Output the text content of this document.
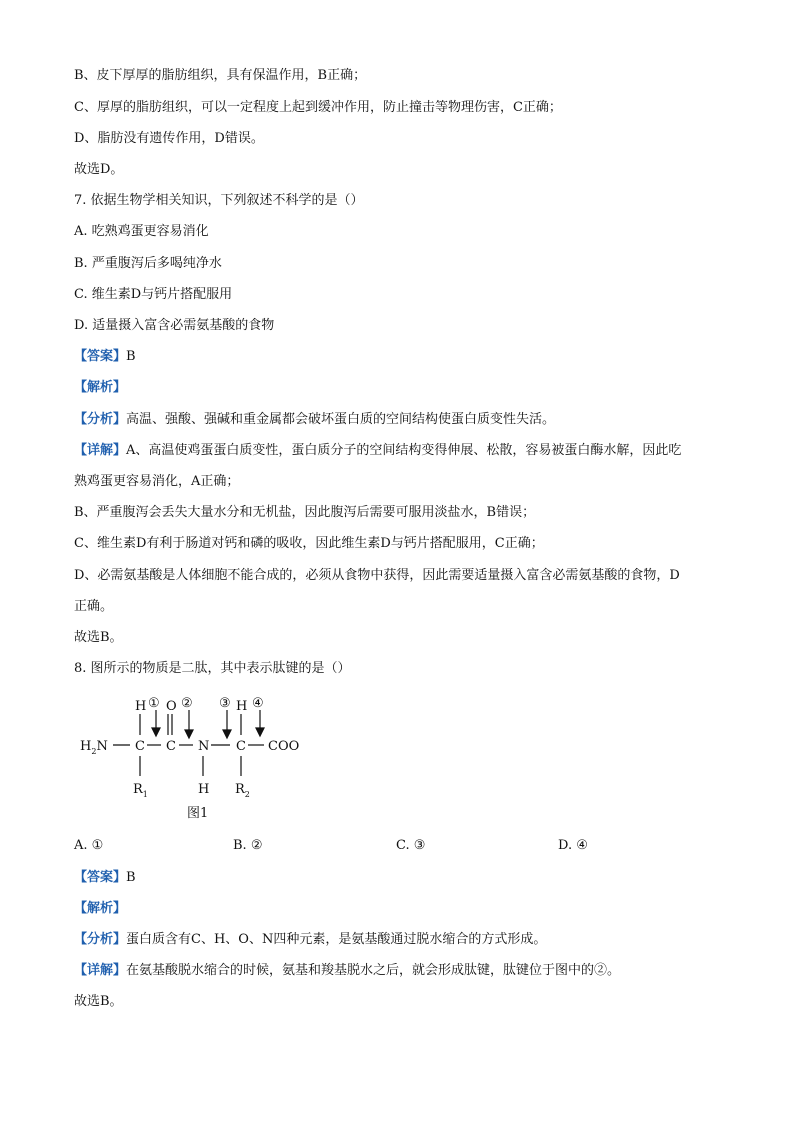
B、皮下厚厚的脂肪组织，具有保温作用，B正确；
C、厚厚的脂肪组织，可以一定程度上起到缓冲作用，防止撞击等物理伤害，C正确；
D、脂肪没有遗传作用，D错误。
故选D。
7. 依据生物学相关知识，下列叙述不科学的是（）
A. 吃熟鸡蛋更容易消化
B. 严重腹泻后多喝纯净水
C. 维生素D与钙片搭配服用
D. 适量摄入富含必需氨基酸的食物
【答案】B
【解析】
【分析】高温、强酸、强碱和重金属都会破坏蛋白质的空间结构使蛋白质变性失活。
【详解】A、高温使鸡蛋蛋白质变性，蛋白质分子的空间结构变得伸展、松散，容易被蛋白酶水解，因此吃
熟鸡蛋更容易消化，A正确；
B、严重腹泻会丢失大量水分和无机盐，因此腹泻后需要可服用淡盐水，B错误；
C、维生素D有利于肠道对钙和磷的吸收，因此维生素D与钙片搭配服用，C正确；
D、必需氨基酸是人体细胞不能合成的，必须从食物中获得，因此需要适量摄入富含必需氨基酸的食物，D
正确。
故选B。
8. 图所示的物质是二肽，其中表示肽键的是（）
H ① O ② ③ H ④
$H_2N$ C C N C COO
$R_1$	H $R_2$
图1
A. ①	B. ②	C. ③	D. ④
【答案】B
【解析】
【分析】蛋白质含有C、H、O、N四种元素，是氨基酸通过脱水缩合的方式形成。
【详解】在氨基酸脱水缩合的时候，氨基和羧基脱水之后，就会形成肽键，肽键位于图中的②。
故选B。
